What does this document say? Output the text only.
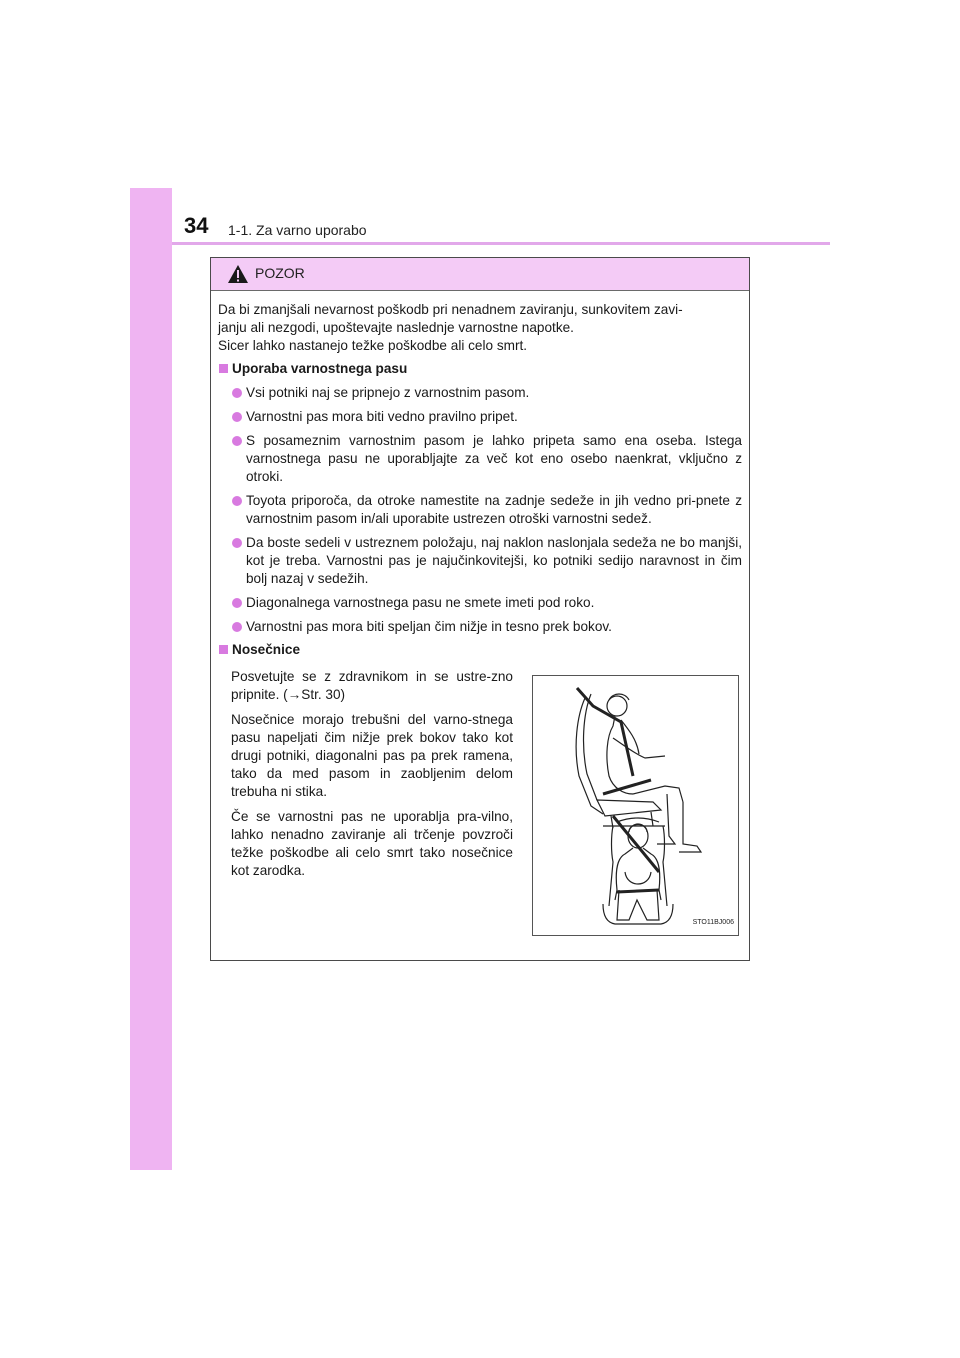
34 1-1. Za varno uporabo
POZOR

Da bi zmanjšali nevarnost poškodb pri nenadnem zaviranju, sunkovitem zavi-

janju ali nezgodi, upoštevajte naslednje varnostne napotke.

Sicer lahko nastanejo težke poškodbe ali celo smrt.

Uporaba varnostnega pasu
Vsi potniki naj se pripnejo z varnostnim pasom.
Varnostni pas mora biti vedno pravilno pripet.
S posameznim varnostnim pasom je lahko pripeta samo ena oseba. Istega varnostnega pasu ne uporabljajte za več kot eno osebo naenkrat, vključno z otroki.
Toyota priporoča, da otroke namestite na zadnje sedeže in jih vedno pri-pnete z varnostnim pasom in/ali uporabite ustrezen otroški varnostni sedež.
Da boste sedeli v ustreznem položaju, naj naklon naslonjala sedeža ne bo manjši, kot je treba. Varnostni pas je najučinkovitejši, ko potniki sedijo naravnost in čim bolj nazaj v sedežih.
Diagonalnega varnostnega pasu ne smete imeti pod roko.
Varnostni pas mora biti speljan čim nižje in tesno prek bokov.
Nosečnice

Posvetujte se z zdravnikom in se ustre-zno pripnite. (→Str. 30)

Nosečnice morajo trebušni del varno-stnega pasu napeljati čim nižje prek bokov tako kot drugi potniki, diagonalni pas pa prek ramena, tako da med pasom in zaobljenim delom trebuha ni stika.

Če se varnostni pas ne uporablja pra-vilno, lahko nenadno zaviranje ali trčenje povzroči težke poškodbe ali celo smrt tako nosečnice kot zarodka.

STO11BJ006
